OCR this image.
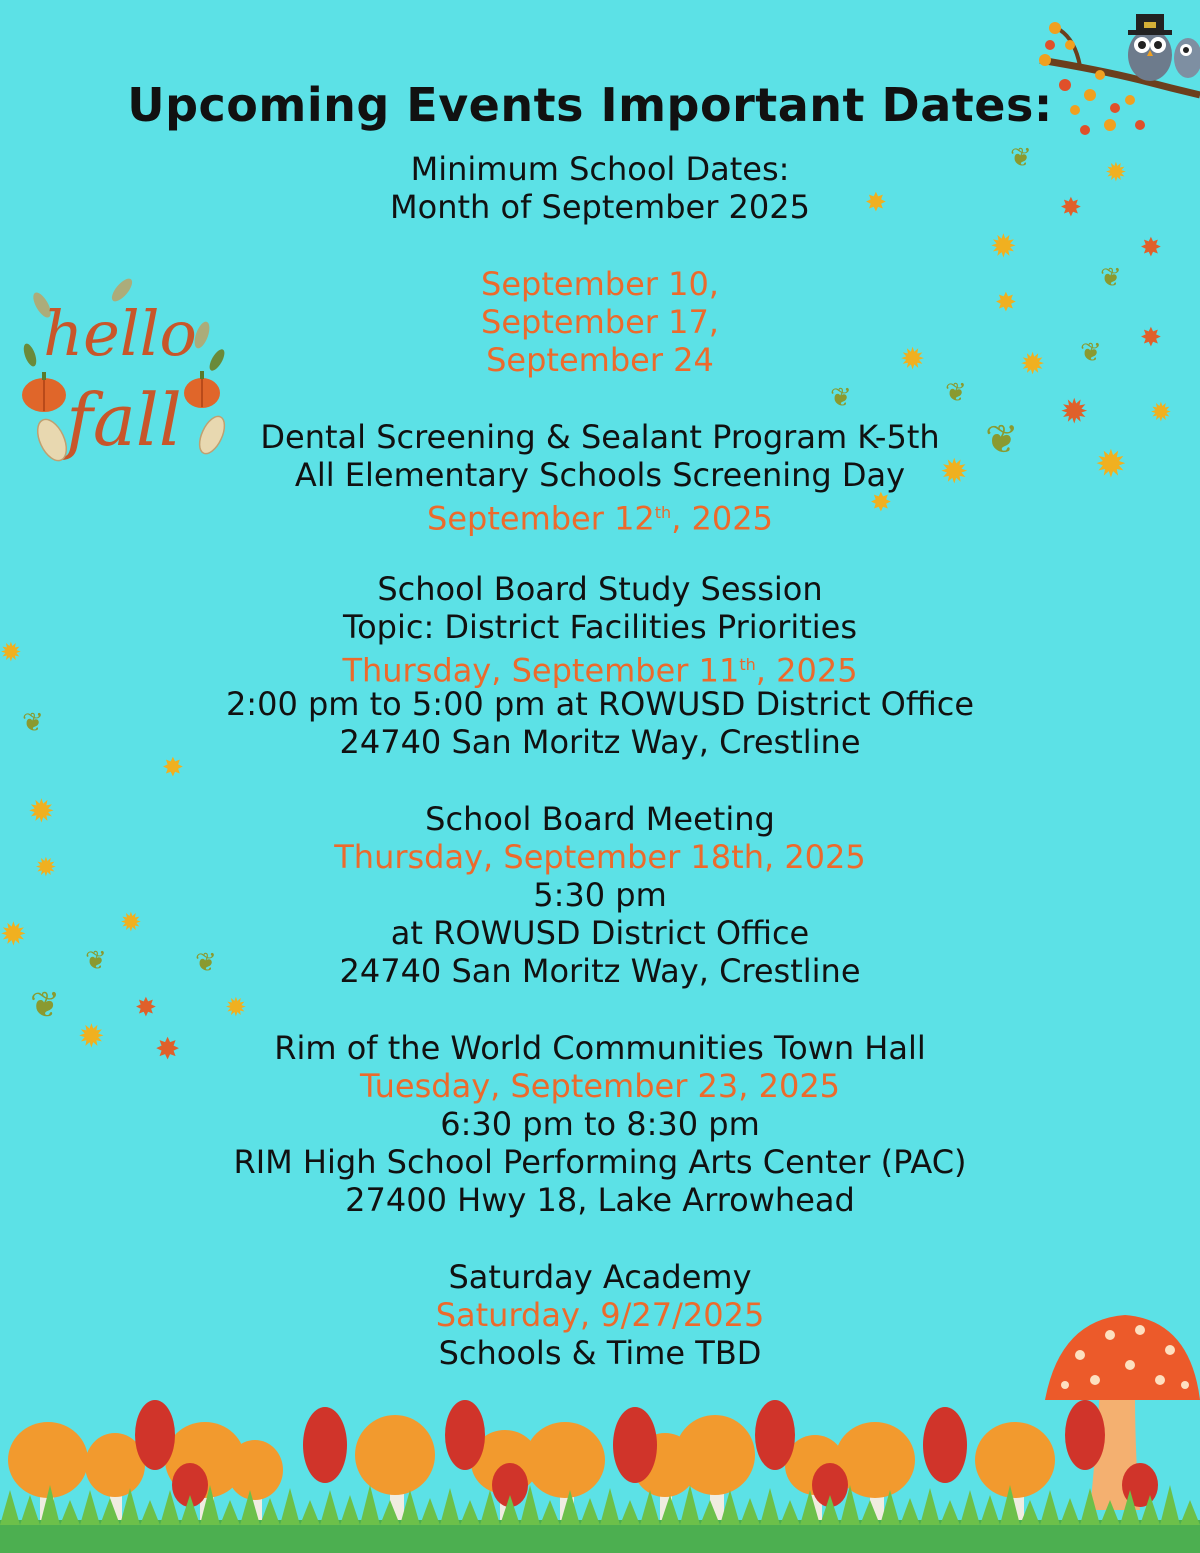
hello
fall
✸
✹
❦
✸
✹	✸
❦
✸
✹	✹
✸
❦
❦
❦	✹ ✹
❦
✹
✹
✸
✹
❦
✸
✹
✹
✹
✹
❦	❦
❦	✸	✹
✹ ✸
Upcoming Events Important Dates:
Minimum School Dates:
Month of September 2025
September 10,
September 17,
September 24
Dental Screening & Sealant Program K-5th
All Elementary Schools Screening Day
September 12th, 2025
School Board Study Session
Topic: District Facilities Priorities
Thursday, September 11th, 2025
2:00 pm to 5:00 pm at ROWUSD District Office
24740 San Moritz Way, Crestline
School Board Meeting
Thursday, September 18th, 2025
5:30 pm
at ROWUSD District Office
24740 San Moritz Way, Crestline
Rim of the World Communities Town Hall
Tuesday, September 23, 2025
6:30 pm to 8:30 pm
RIM High School Performing Arts Center (PAC)
27400 Hwy 18, Lake Arrowhead
Saturday Academy
Saturday, 9/27/2025
Schools & Time TBD
